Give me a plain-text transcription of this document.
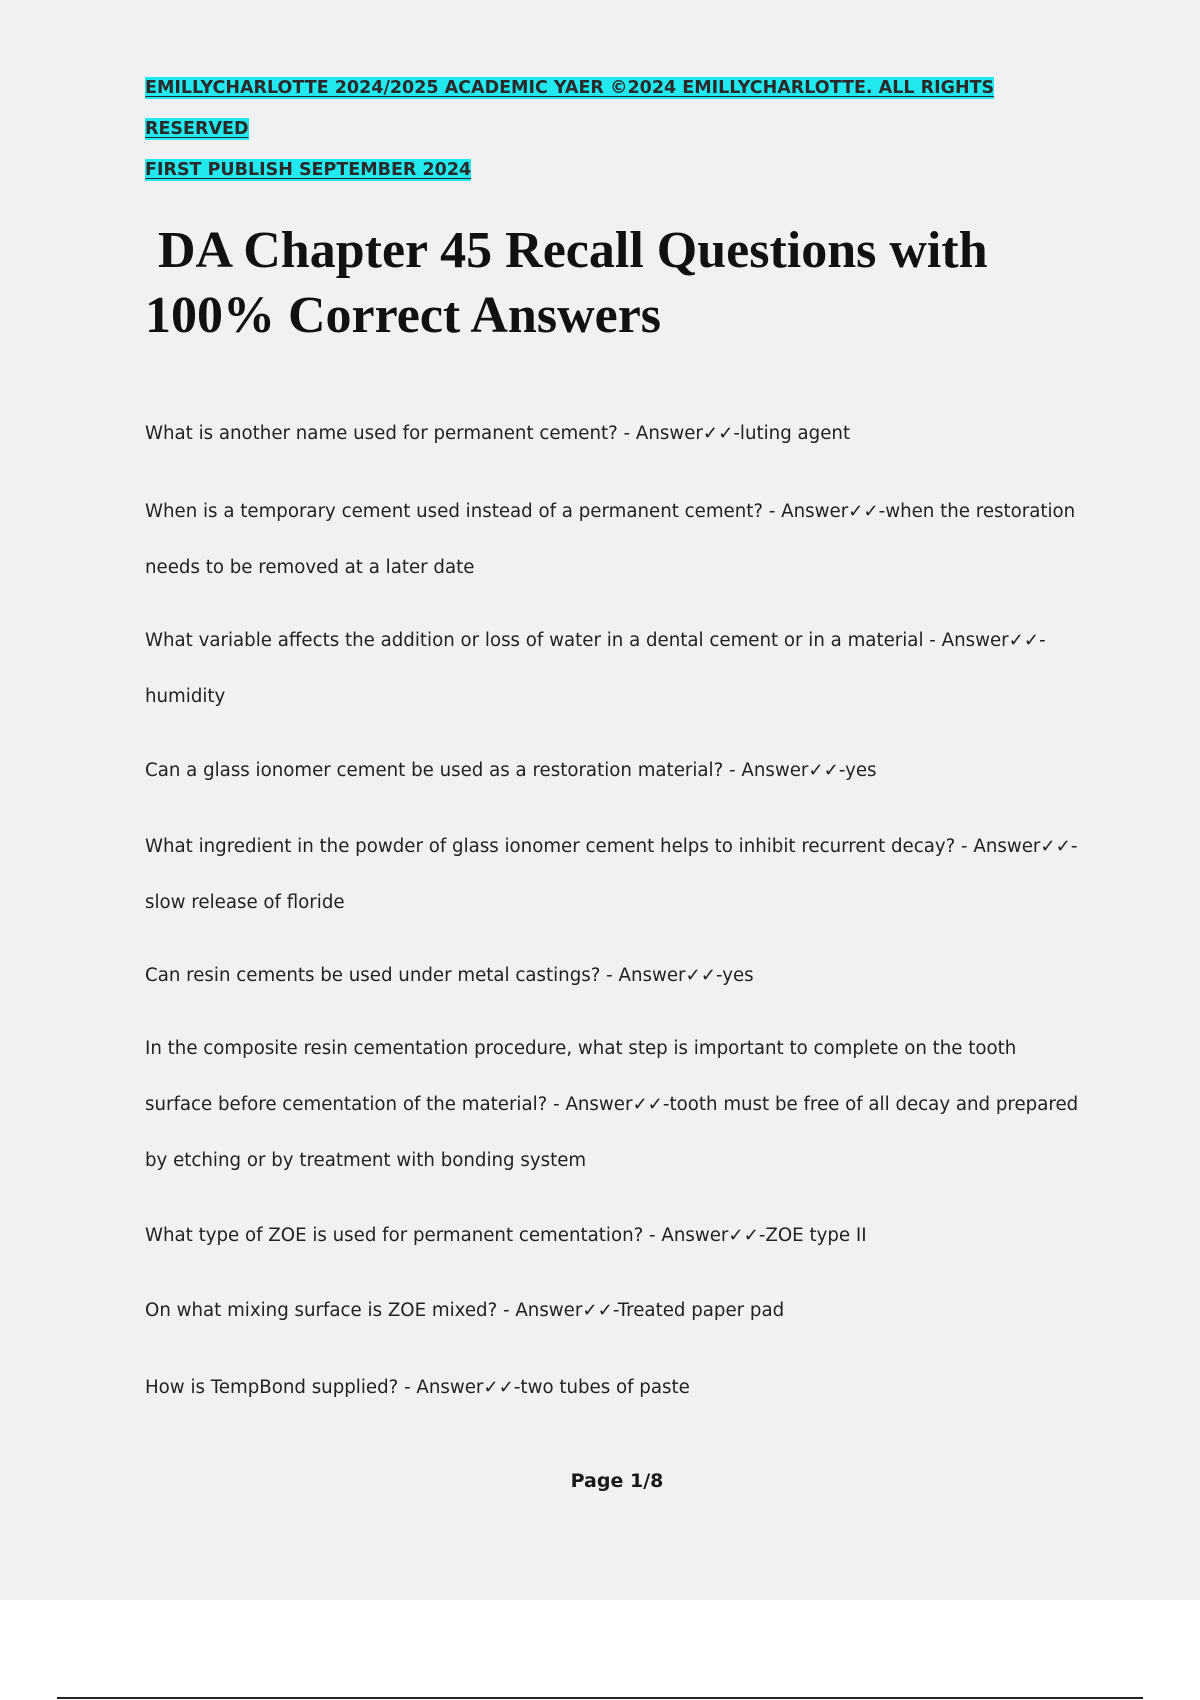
EMILLYCHARLOTTE 2024/2025 ACADEMIC YAER ©2024 EMILLYCHARLOTTE. ALL RIGHTS RESERVED
FIRST PUBLISH SEPTEMBER 2024
DA Chapter 45 Recall Questions with
100% Correct Answers

What is another name used for permanent cement? - Answer✓✓-luting agent

When is a temporary cement used instead of a permanent cement? - Answer✓✓-when the restoration needs to be removed at a later date

What variable affects the addition or loss of water in a dental cement or in a material - Answer✓✓-humidity

Can a glass ionomer cement be used as a restoration material? - Answer✓✓-yes

What ingredient in the powder of glass ionomer cement helps to inhibit recurrent decay? - Answer✓✓-slow release of floride

Can resin cements be used under metal castings? - Answer✓✓-yes

In the composite resin cementation procedure, what step is important to complete on the tooth surface before cementation of the material? - Answer✓✓-tooth must be free of all decay and prepared by etching or by treatment with bonding system

What type of ZOE is used for permanent cementation? - Answer✓✓-ZOE type II

On what mixing surface is ZOE mixed? - Answer✓✓-Treated paper pad

How is TempBond supplied? - Answer✓✓-two tubes of paste

Page 1/8
